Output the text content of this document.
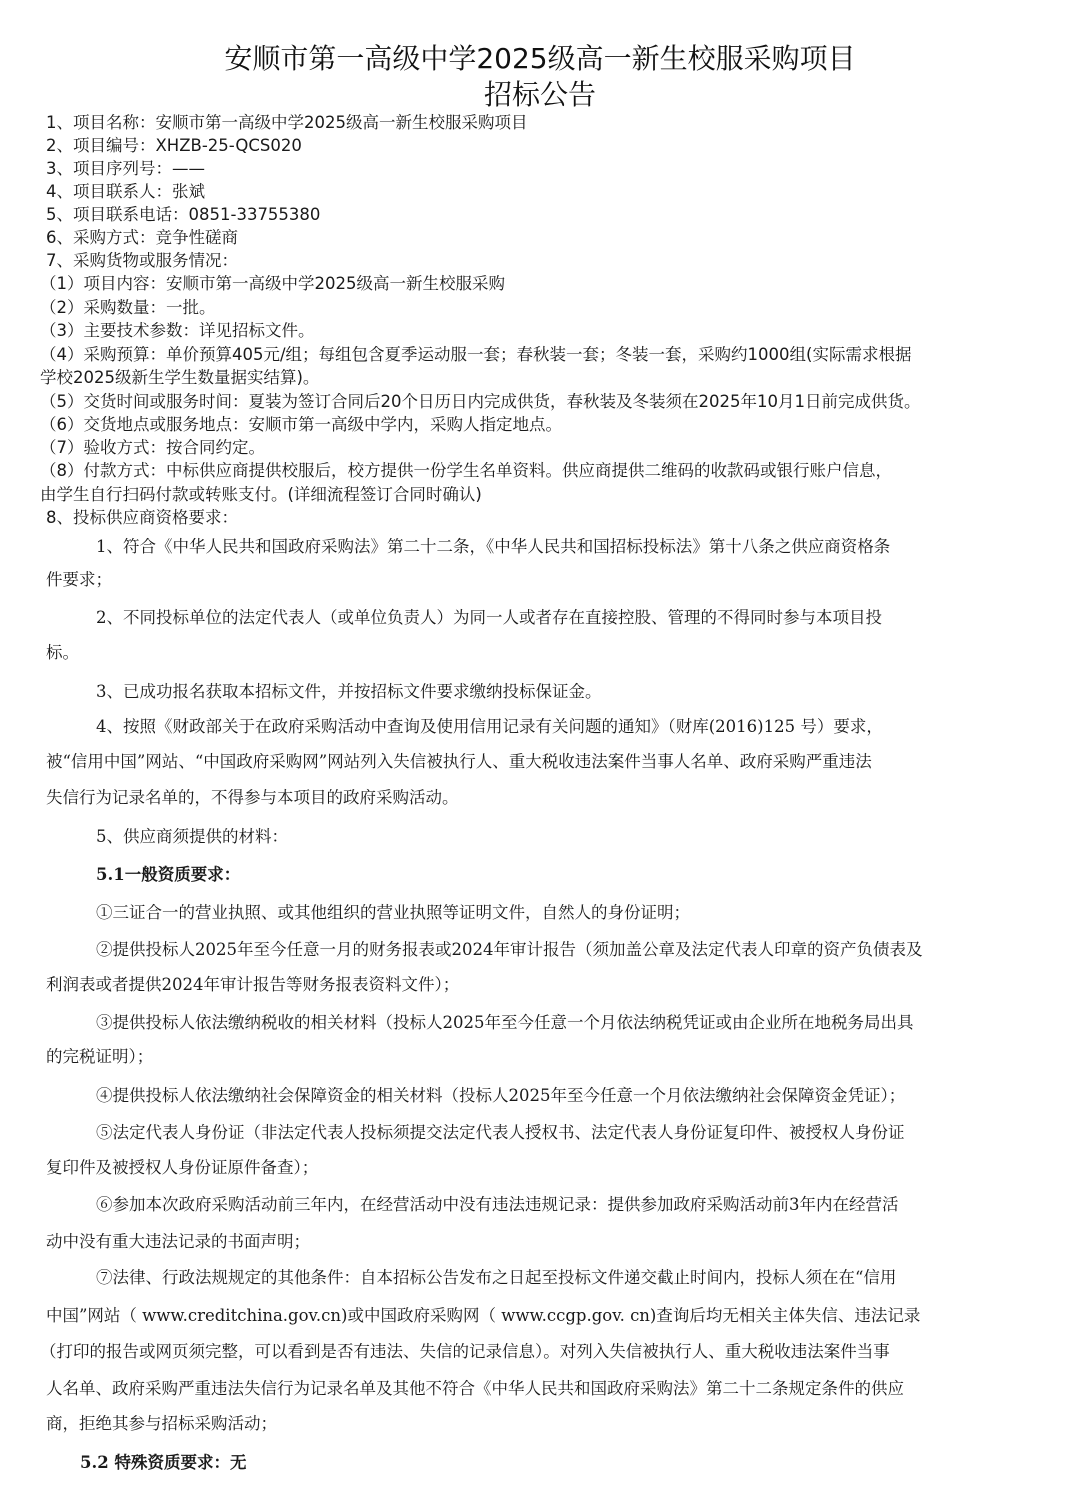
安顺市第一高级中学2025级高一新生校服采购项目
招标公告
1、项目名称：安顺市第一高级中学2025级高一新生校服采购项目
2、项目编号：XHZB-25-QCS020
3、项目序列号：——
4、项目联系人：张斌
5、项目联系电话：0851-33755380
6、采购方式：竞争性磋商
7、采购货物或服务情况：
（1）项目内容：安顺市第一高级中学2025级高一新生校服采购
（2）采购数量：一批。
（3）主要技术参数：详见招标文件。
（4）采购预算：单价预算405元/组；每组包含夏季运动服一套；春秋装一套；冬装一套，采购约1000组(实际需求根据
学校2025级新生学生数量据实结算)。
（5）交货时间或服务时间：夏装为签订合同后20个日历日内完成供货，春秋装及冬装须在2025年10月1日前完成供货。
（6）交货地点或服务地点：安顺市第一高级中学内，采购人指定地点。
（7）验收方式：按合同约定。
（8）付款方式：中标供应商提供校服后，校方提供一份学生名单资料。供应商提供二维码的收款码或银行账户信息，
由学生自行扫码付款或转账支付。(详细流程签订合同时确认)
8、投标供应商资格要求：
1、符合《中华人民共和国政府采购法》第二十二条，《中华人民共和国招标投标法》第十八条之供应商资格条
件要求；
2、不同投标单位的法定代表人（或单位负责人）为同一人或者存在直接控股、管理的不得同时参与本项目投
标。
3、已成功报名获取本招标文件，并按招标文件要求缴纳投标保证金。
4、按照《财政部关于在政府采购活动中查询及使用信用记录有关问题的通知》（财库(2016)125 号）要求，
被“信用中国”网站、“中国政府采购网”网站列入失信被执行人、重大税收违法案件当事人名单、政府采购严重违法
失信行为记录名单的，不得参与本项目的政府采购活动。
5、供应商须提供的材料：
5.1一般资质要求：
①三证合一的营业执照、或其他组织的营业执照等证明文件，自然人的身份证明；
②提供投标人2025年至今任意一月的财务报表或2024年审计报告（须加盖公章及法定代表人印章的资产负债表及
利润表或者提供2024年审计报告等财务报表资料文件）；
③提供投标人依法缴纳税收的相关材料（投标人2025年至今任意一个月依法纳税凭证或由企业所在地税务局出具
的完税证明）；
④提供投标人依法缴纳社会保障资金的相关材料（投标人2025年至今任意一个月依法缴纳社会保障资金凭证）；
⑤法定代表人身份证（非法定代表人投标须提交法定代表人授权书、法定代表人身份证复印件、被授权人身份证
复印件及被授权人身份证原件备查）；
⑥参加本次政府采购活动前三年内，在经营活动中没有违法违规记录：提供参加政府采购活动前3年内在经营活
动中没有重大违法记录的书面声明；
⑦法律、行政法规规定的其他条件：自本招标公告发布之日起至投标文件递交截止时间内，投标人须在在“信用
中国”网站（ www.creditchina.gov.cn)或中国政府采购网（ www.ccgp.gov. cn)查询后均无相关主体失信、违法记录
（打印的报告或网页须完整，可以看到是否有违法、失信的记录信息）。对列入失信被执行人、重大税收违法案件当事
人名单、政府采购严重违法失信行为记录名单及其他不符合《中华人民共和国政府采购法》第二十二条规定条件的供应
商，拒绝其参与招标采购活动；
5.2 特殊资质要求：无
